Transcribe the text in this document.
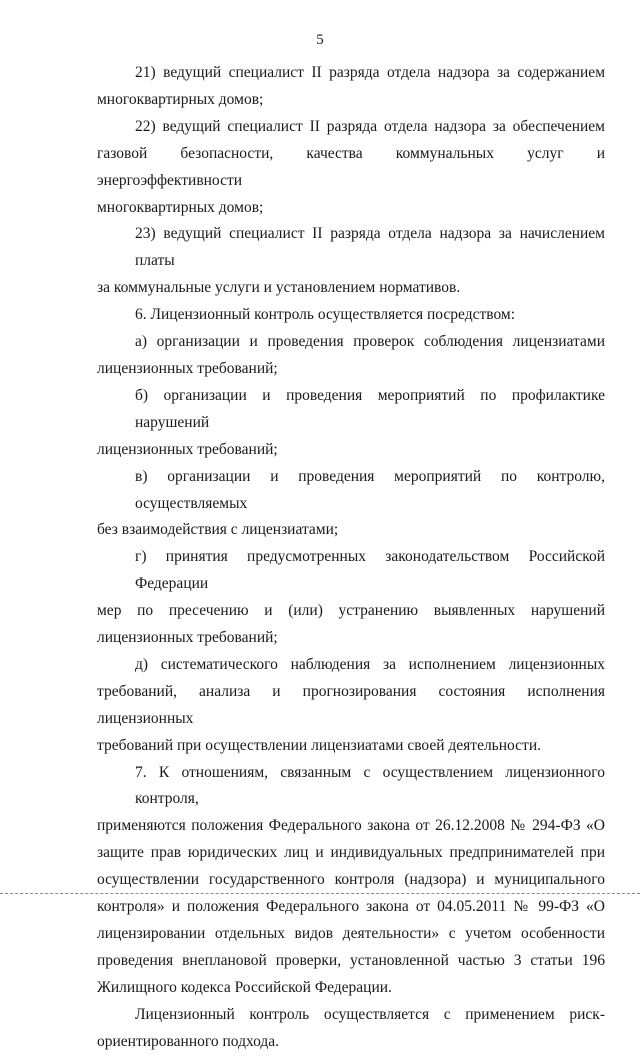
5
21) ведущий специалист II разряда отдела надзора за содержанием
многоквартирных домов;
22) ведущий специалист II разряда отдела надзора за обеспечением
газовой безопасности, качества коммунальных услуг и энергоэффективности
многоквартирных домов;
23) ведущий специалист II разряда отдела надзора за начислением платы
за коммунальные услуги и установлением нормативов.
6. Лицензионный контроль осуществляется посредством:
а) организации и проведения проверок соблюдения лицензиатами
лицензионных требований;
б) организации и проведения мероприятий по профилактике нарушений
лицензионных требований;
в) организации и проведения мероприятий по контролю, осуществляемых
без взаимодействия с лицензиатами;
г) принятия предусмотренных законодательством Российской Федерации
мер по пресечению и (или) устранению выявленных нарушений
лицензионных требований;
д) систематического наблюдения за исполнением лицензионных
требований, анализа и прогнозирования состояния исполнения лицензионных
требований при осуществлении лицензиатами своей деятельности.
7. К отношениям, связанным с осуществлением лицензионного контроля,
применяются положения Федерального закона от 26.12.2008 № 294-ФЗ «О
защите прав юридических лиц и индивидуальных предпринимателей при
осуществлении государственного контроля (надзора) и муниципального
контроля» и положения Федерального закона от 04.05.2011 № 99-ФЗ «О
лицензировании отдельных видов деятельности» с учетом особенности
проведения внеплановой проверки, установленной частью 3 статьи 196
Жилищного кодекса Российской Федерации.
Лицензионный контроль осуществляется с применением риск-
ориентированного подхода.
